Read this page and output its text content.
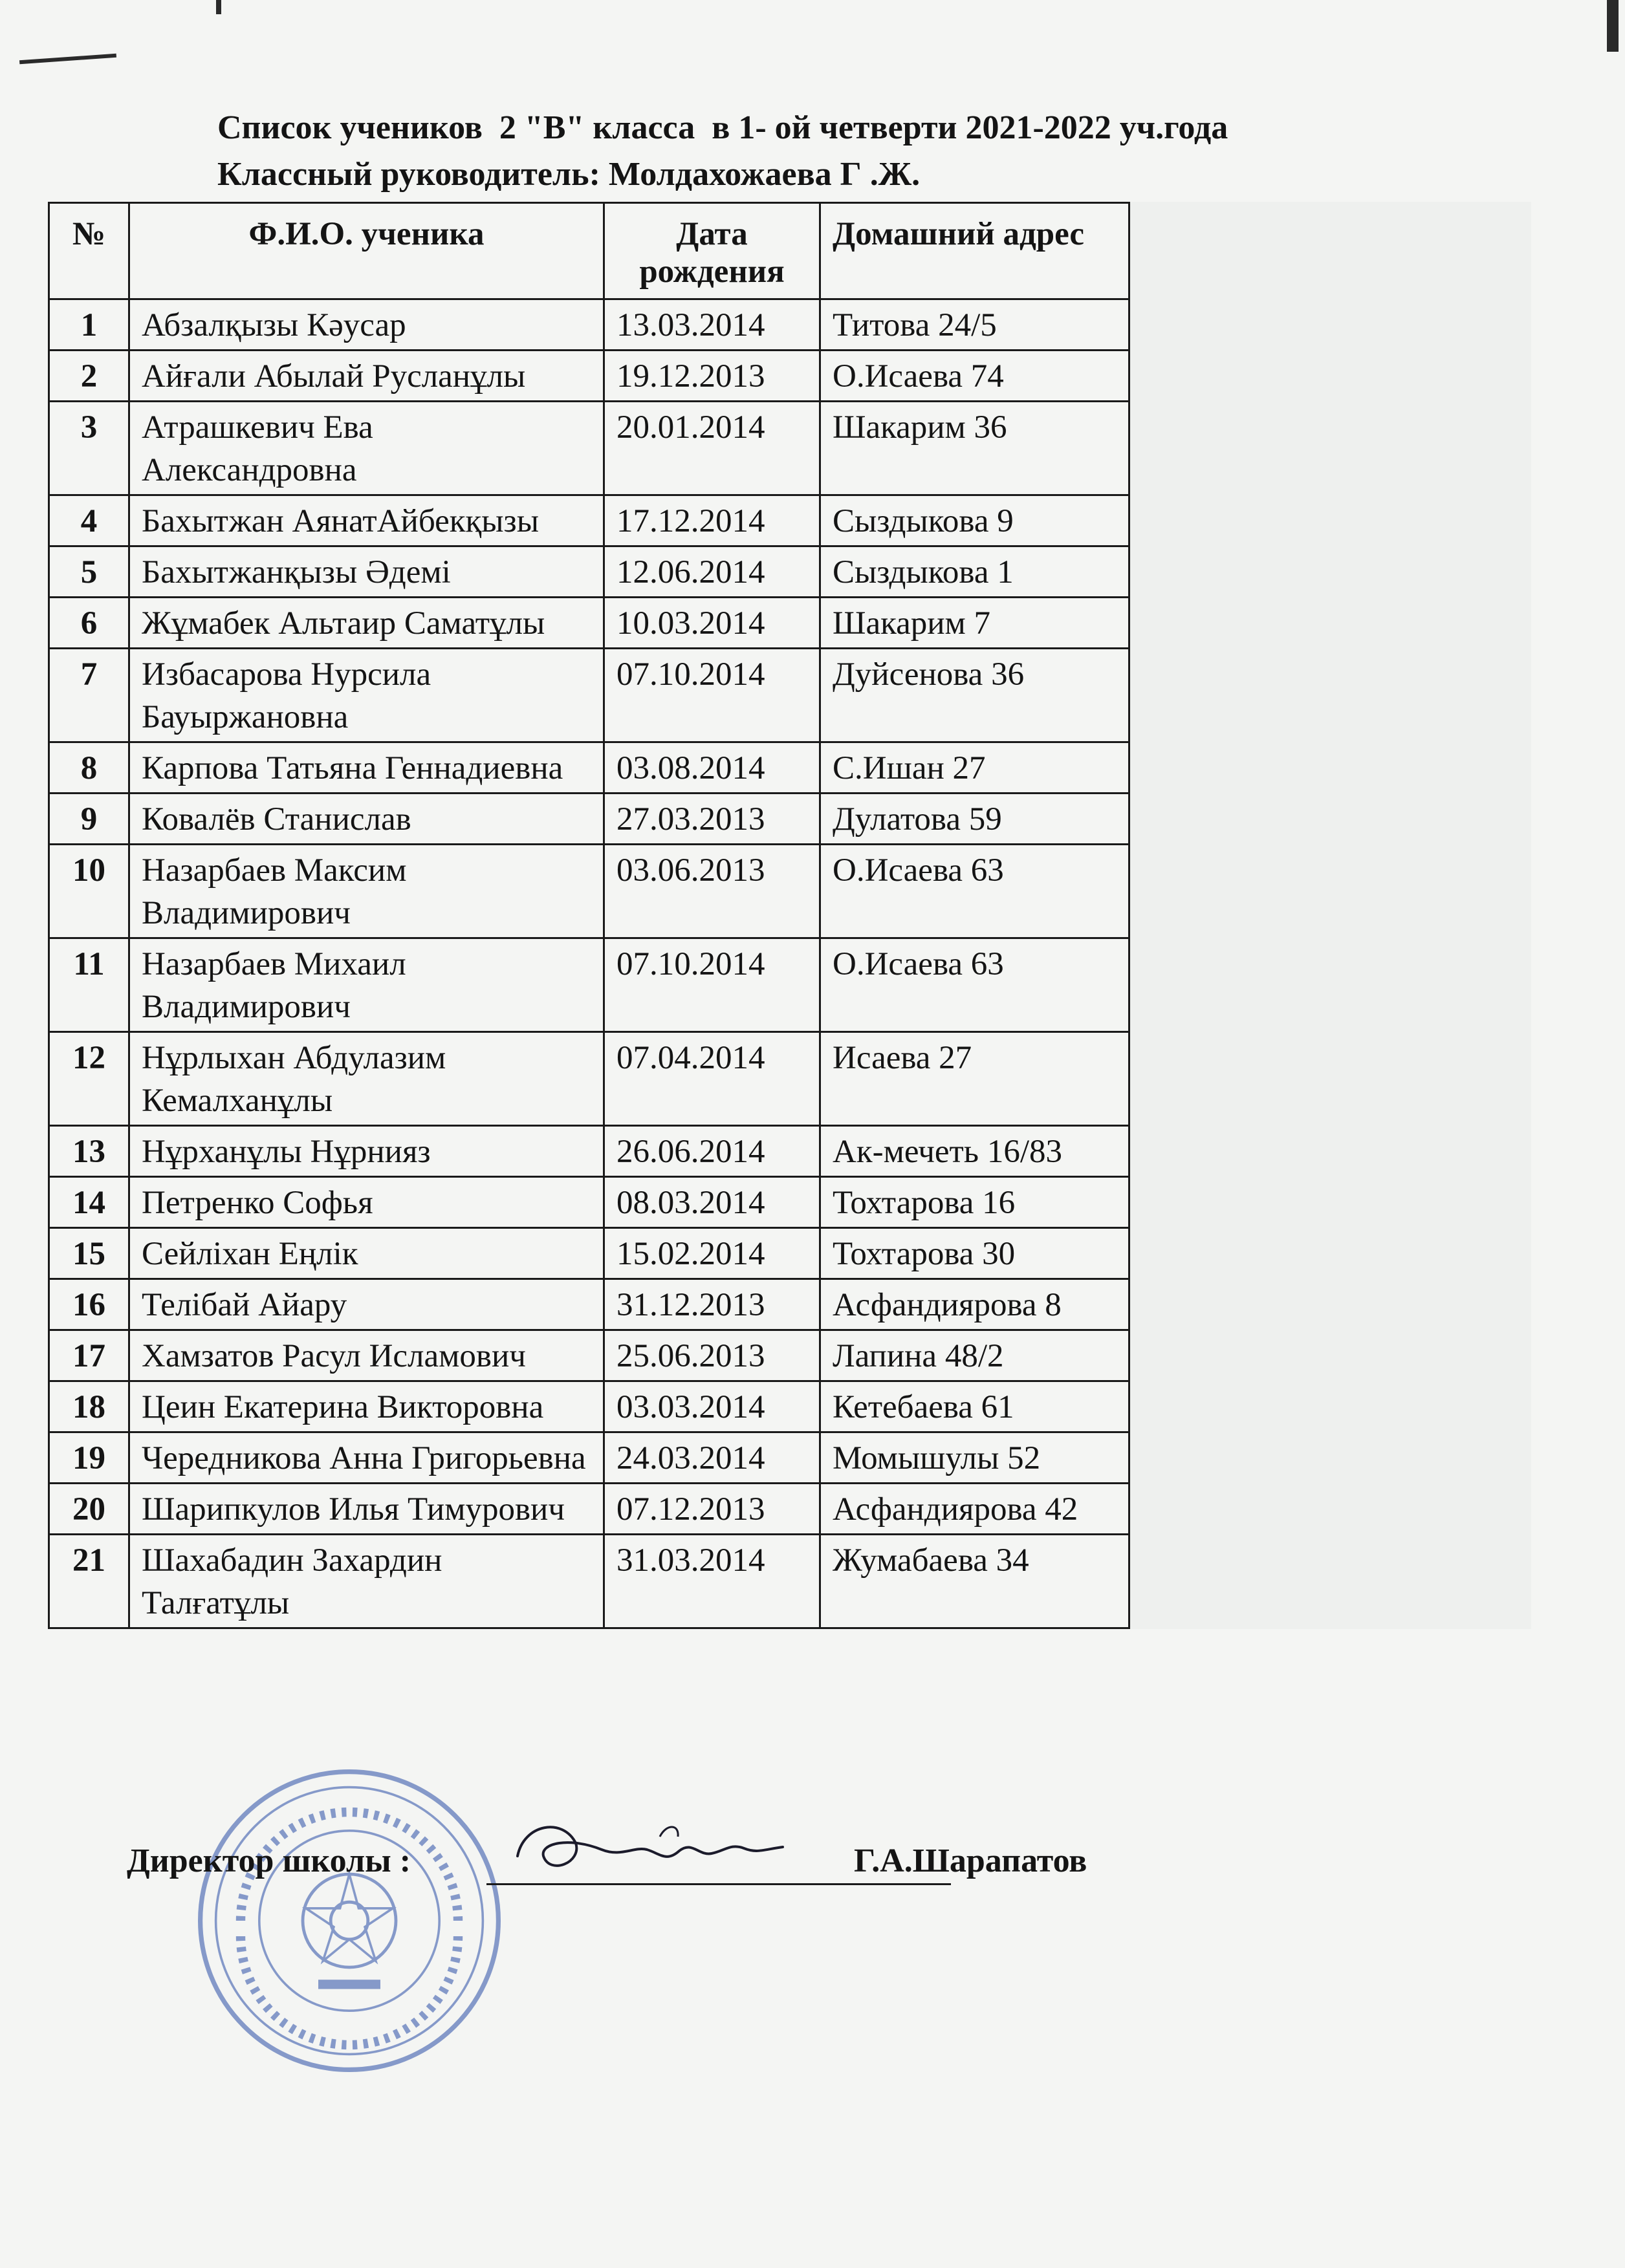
Список учеников  2 "В" класса  в 1- ой четверти 2021-2022 уч.года
Классный руководитель: Молдахожаева Г .Ж.
№	Ф.И.О. ученика	Дата рождения	Домашний адрес
1	Абзалқызы Кәусар	13.03.2014	Титова 24/5
2	Айғали Абылай Русланұлы	19.12.2013	О.Исаева 74
3	Атрашкевич Ева Александровна	20.01.2014	Шакарим 36
4	Бахытжан АянатАйбекқызы	17.12.2014	Сыздыкова 9
5	Бахытжанқызы Әдемі	12.06.2014	Сыздыкова 1
6	Жұмабек Альтаир Саматұлы	10.03.2014	Шакарим 7
7	Избасарова Нурсила Бауыржановна	07.10.2014	Дуйсенова 36
8	Карпова Татьяна Геннадиевна	03.08.2014	С.Ишан 27
9	Ковалёв Станислав	27.03.2013	Дулатова 59
10	Назарбаев Максим Владимирович	03.06.2013	О.Исаева 63
11	Назарбаев Михаил Владимирович	07.10.2014	О.Исаева 63
12	Нұрлыхан Абдулазим Кемалханұлы	07.04.2014	Исаева 27
13	Нұрханұлы Нұрнияз	26.06.2014	Ак-мечеть 16/83
14	Петренко Софья	08.03.2014	Тохтарова 16
15	Сейліхан Еңлік	15.02.2014	Тохтарова 30
16	Телібай Айару	31.12.2013	Асфандиярова 8
17	Хамзатов Расул Исламович	25.06.2013	Лапина 48/2
18	Цеин Екатерина Викторовна	03.03.2014	Кетебаева 61
19	Чередникова Анна Григорьевна	24.03.2014	Момышулы 52
20	Шарипкулов Илья Тимурович	07.12.2013	Асфандиярова 42
21	Шахабадин Захардин Талғатұлы	31.03.2014	Жумабаева 34
Директор школы :	Г.А.Шарапатов
